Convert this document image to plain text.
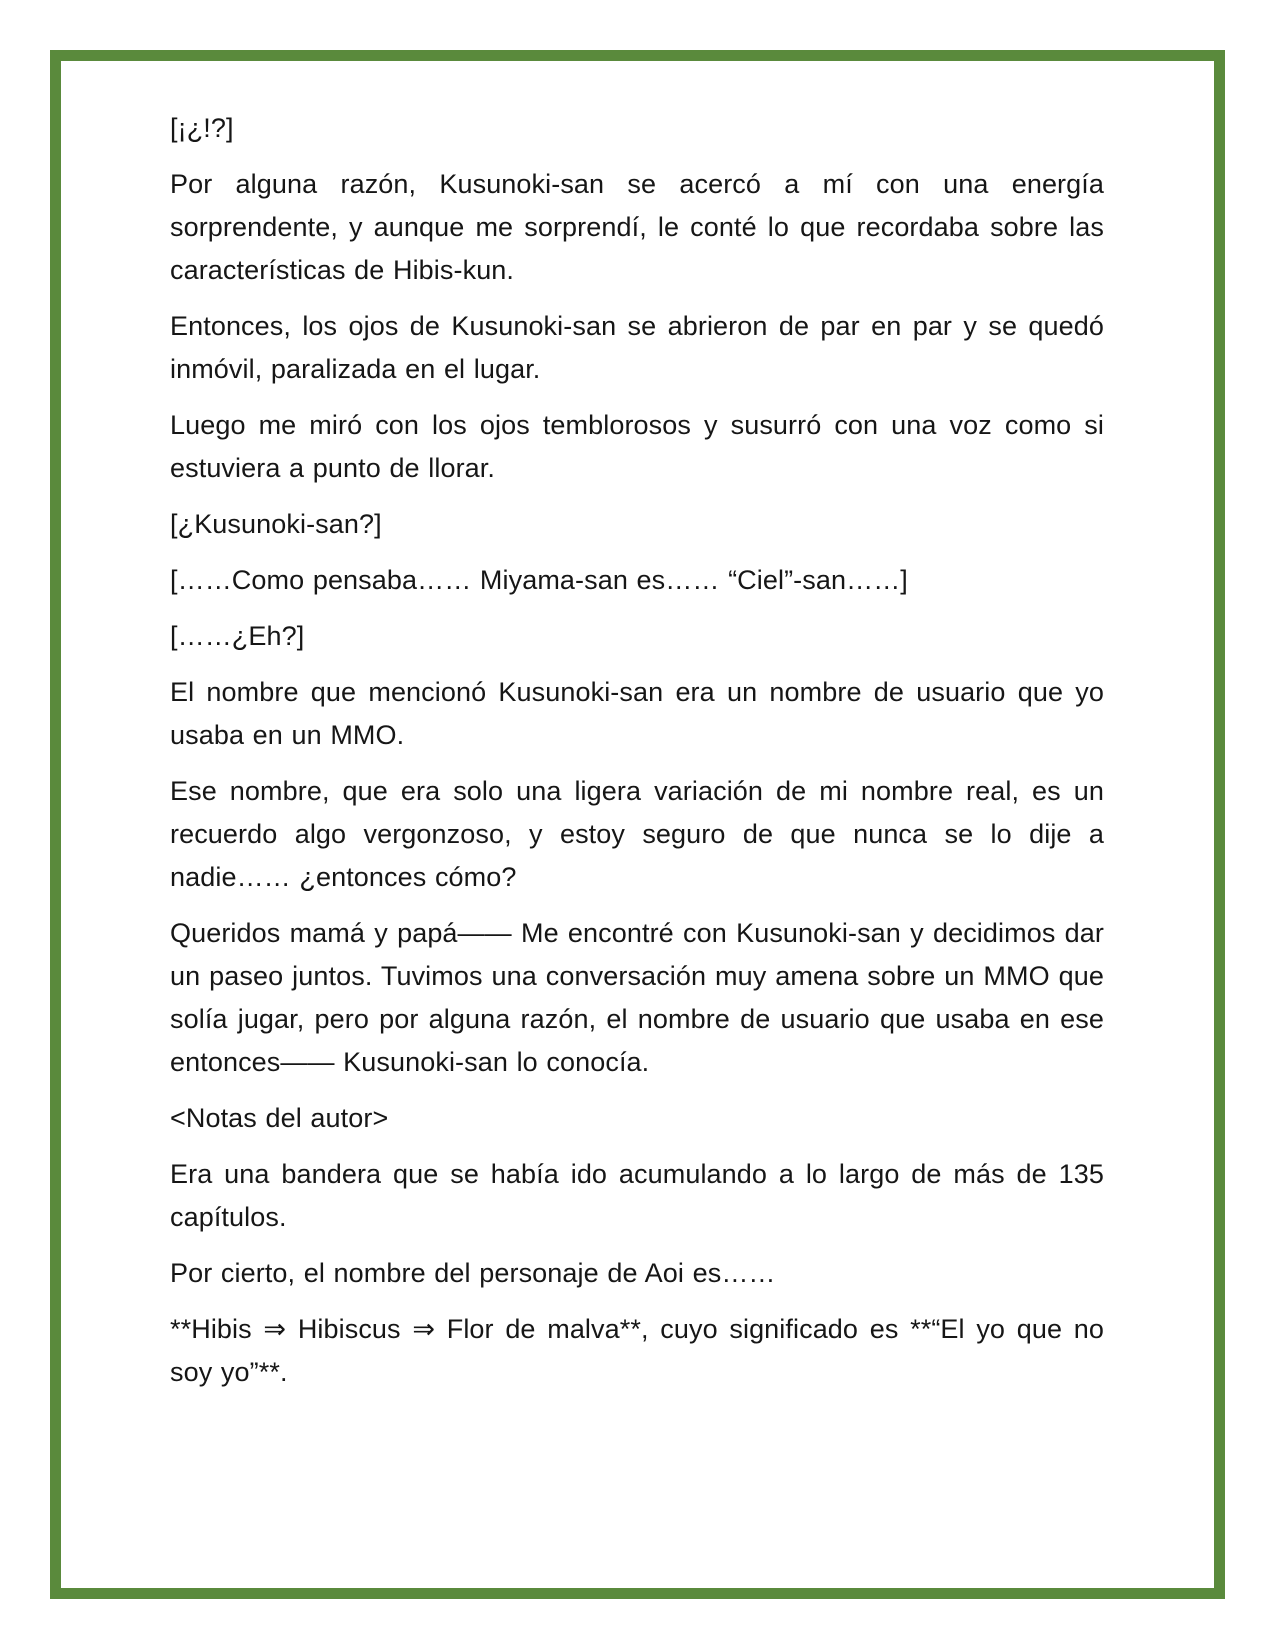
[¡¿!?]

Por alguna razón, Kusunoki-san se acercó a mí con una energía sorprendente, y aunque me sorprendí, le conté lo que recordaba sobre las características de Hibis-kun.

Entonces, los ojos de Kusunoki-san se abrieron de par en par y se quedó inmóvil, paralizada en el lugar.

Luego me miró con los ojos temblorosos y susurró con una voz como si estuviera a punto de llorar.

[¿Kusunoki-san?]

[……Como pensaba…… Miyama-san es…… “Ciel”-san……]

[……¿Eh?]

El nombre que mencionó Kusunoki-san era un nombre de usuario que yo usaba en un MMO.

Ese nombre, que era solo una ligera variación de mi nombre real, es un recuerdo algo vergonzoso, y estoy seguro de que nunca se lo dije a nadie…… ¿entonces cómo?

Queridos mamá y papá—— Me encontré con Kusunoki-san y decidimos dar un paseo juntos. Tuvimos una conversación muy amena sobre un MMO que solía jugar, pero por alguna razón, el nombre de usuario que usaba en ese entonces—— Kusunoki-san lo conocía.

<Notas del autor>

Era una bandera que se había ido acumulando a lo largo de más de 135 capítulos.

Por cierto, el nombre del personaje de Aoi es……

**Hibis ⇒ Hibiscus ⇒ Flor de malva**, cuyo significado es **“El yo que no soy yo”**.
